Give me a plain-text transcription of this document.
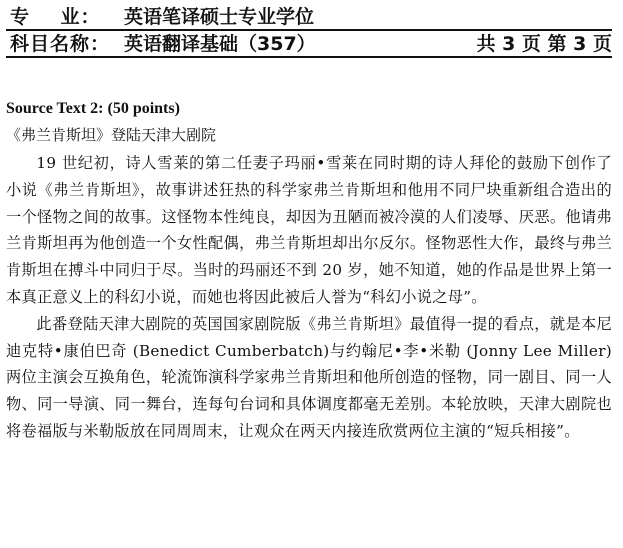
专    业： 英语笔译硕士专业学位
科目名称： 英语翻译基础（357）	共 3 页 第 3 页
Source Text 2: (50 points)
《弗兰肯斯坦》登陆天津大剧院

19 世纪初，诗人雪莱的第二任妻子玛丽•雪莱在同时期的诗人拜伦的鼓励下创作了小说《弗兰肯斯坦》，故事讲述狂热的科学家弗兰肯斯坦和他用不同尸块重新组合造出的一个怪物之间的故事。这怪物本性纯良，却因为丑陋而被冷漠的人们凌辱、厌恶。他请弗兰肯斯坦再为他创造一个女性配偶，弗兰肯斯坦却出尔反尔。怪物恶性大作，最终与弗兰肯斯坦在搏斗中同归于尽。当时的玛丽还不到 20 岁，她不知道，她的作品是世界上第一本真正意义上的科幻小说，而她也将因此被后人誉为“科幻小说之母”。

此番登陆天津大剧院的英国国家剧院版《弗兰肯斯坦》最值得一提的看点，就是本尼迪克特•康伯巴奇 (Benedict Cumberbatch)与约翰尼•李•米勒 (Jonny Lee Miller)两位主演会互换角色，轮流饰演科学家弗兰肯斯坦和他所创造的怪物，同一剧目、同一人物、同一导演、同一舞台，连每句台词和具体调度都毫无差别。本轮放映，天津大剧院也将卷福版与米勒版放在同周周末，让观众在两天内接连欣赏两位主演的“短兵相接”。
